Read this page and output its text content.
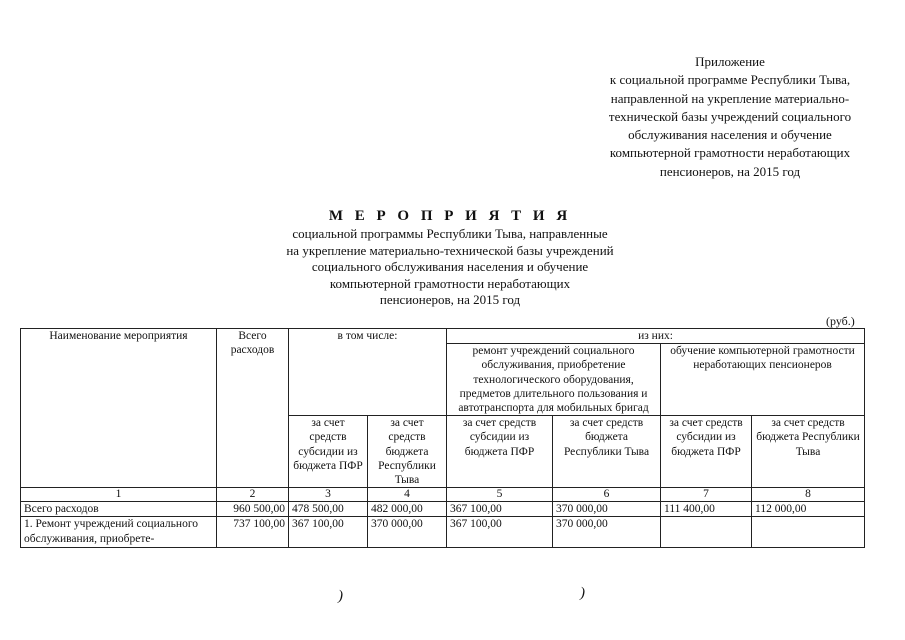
Приложение
к социальной программе Республики Тыва,
направленной на укрепление материально-
технической базы учреждений социального
обслуживания населения и обучение
компьютерной грамотности неработающих
пенсионеров, на 2015 год
М Е Р О П Р И Я Т И Я
социальной программы Республики Тыва, направленные
на укрепление материально-технической базы учреждений
социального обслуживания населения и обучение
компьютерной грамотности неработающих
пенсионеров, на 2015 год
(руб.)
Наименование мероприятия	Всего расходов	в том числе:		из них:			
				ремонт учреждений социального обслуживания, приобретение технологического оборудования, предметов длительного пользования и автотранспорта для мобильных бригад		обучение компьютерной грамотности неработающих пенсионеров	
		за счет средств субсидии из бюджета ПФР	за счет средств бюджета Республики Тыва	за счет средств субсидии из бюджета ПФР	за счет средств бюджета Республики Тыва	за счет средств субсидии из бюджета ПФР	за счет средств бюджета Республики Тыва
1	2	3	4	5	6	7	8
Всего расходов	960 500,00	478 500,00	482 000,00	367 100,00	370 000,00	111 400,00	112 000,00
1. Ремонт учреждений социального обслуживания, приобрете-	737 100,00	367 100,00	370 000,00	367 100,00	370 000,00		
)	)
